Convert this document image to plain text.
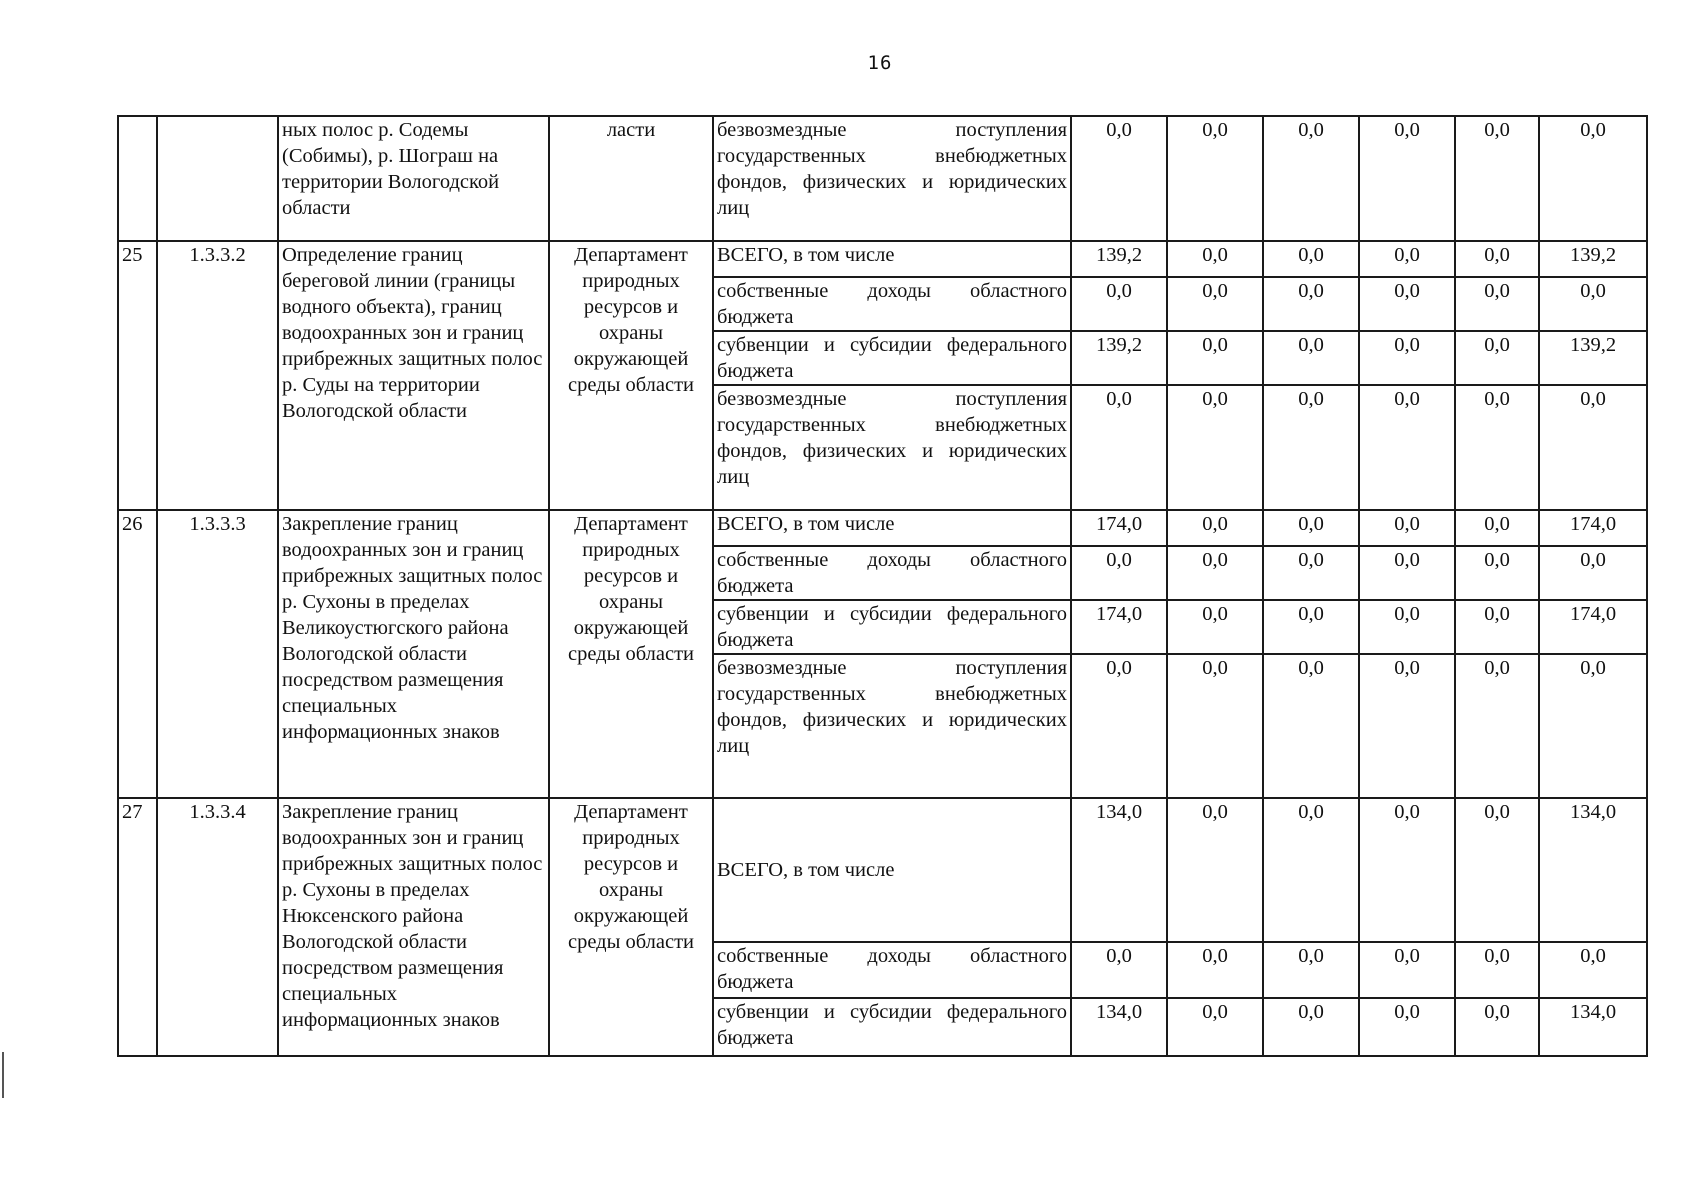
16
		ных полос р. Содемы (Собимы), р. Шограш на территории Вологодской области	ласти	безвозмездные поступления государственных внебюджетных фондов, физических и юридических лиц	0,0	0,0	0,0	0,0	0,0	0,0
25	1.3.3.2	Определение границ береговой линии (границы водного объекта), границ водоохранных зон и границ прибрежных защитных полос р. Суды на территории Вологодской области	Департамент природных ресурсов и охраны окружающей среды области	ВСЕГО, в том числе	139,2	0,0	0,0	0,0	0,0	139,2
				собственные доходы областного бюджета	0,0	0,0	0,0	0,0	0,0	0,0
				субвенции и субсидии федерального бюджета	139,2	0,0	0,0	0,0	0,0	139,2
				безвозмездные поступления государственных внебюджетных фондов, физических и юридических лиц	0,0	0,0	0,0	0,0	0,0	0,0
26	1.3.3.3	Закрепление границ водоохранных зон и границ прибрежных защитных полос р. Сухоны в пределах Великоустюгского района Вологодской области посредством размещения специальных информационных знаков	Департамент природных ресурсов и охраны окружающей среды области	ВСЕГО, в том числе	174,0	0,0	0,0	0,0	0,0	174,0
				собственные доходы областного бюджета	0,0	0,0	0,0	0,0	0,0	0,0
				субвенции и субсидии федерального бюджета	174,0	0,0	0,0	0,0	0,0	174,0
				безвозмездные поступления государственных внебюджетных фондов, физических и юридических лиц	0,0	0,0	0,0	0,0	0,0	0,0
27	1.3.3.4	Закрепление границ водоохранных зон и границ прибрежных защитных полос р. Сухоны в пределах Нюксенского района Вологодской области посредством размещения специальных информационных знаков	Департамент природных ресурсов и охраны окружающей среды области	ВСЕГО, в том числе	134,0	0,0	0,0	0,0	0,0	134,0
				собственные доходы областного бюджета	0,0	0,0	0,0	0,0	0,0	0,0
				субвенции и субсидии федерального бюджета	134,0	0,0	0,0	0,0	0,0	134,0
